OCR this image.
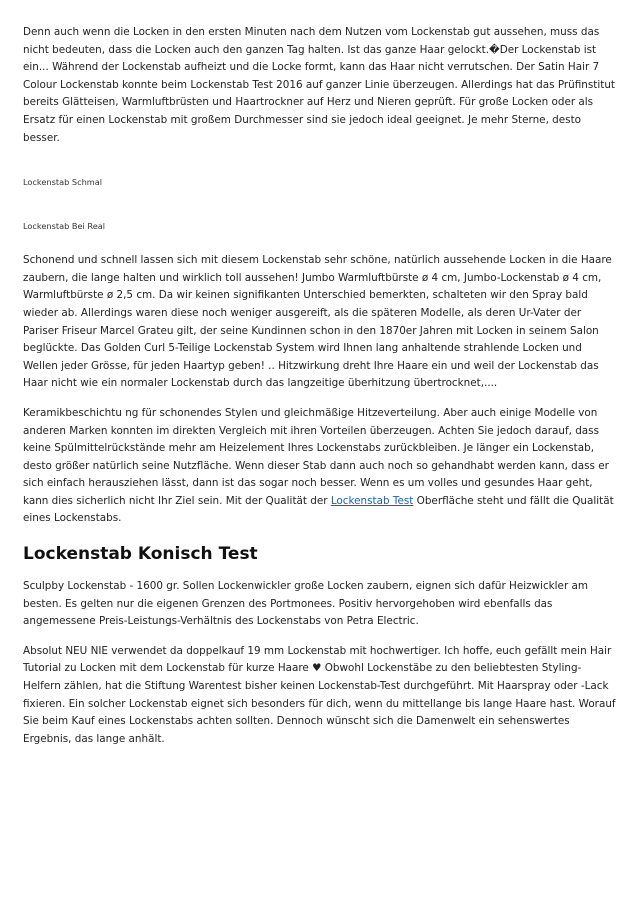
Denn auch wenn die Locken in den ersten Minuten nach dem Nutzen vom Lockenstab gut aussehen, muss das nicht bedeuten, dass die Locken auch den ganzen Tag halten. Ist das ganze Haar gelockt.�Der Lockenstab ist ein... Während der Lockenstab aufheizt und die Locke formt, kann das Haar nicht verrutschen. Der Satin Hair 7 Colour Lockenstab konnte beim Lockenstab Test 2016 auf ganzer Linie überzeugen. Allerdings hat das Prüfinstitut bereits Glätteisen, Warmluftbrüsten und Haartrockner auf Herz und Nieren geprüft. Für große Locken oder als Ersatz für einen Lockenstab mit großem Durchmesser sind sie jedoch ideal geeignet. Je mehr Sterne, desto besser.

Lockenstab Schmal

Lockenstab Bei Real

Schonend und schnell lassen sich mit diesem Lockenstab sehr schöne, natürlich aussehende Locken in die Haare zaubern, die lange halten und wirklich toll aussehen! Jumbo Warmluftbürste ø 4 cm, Jumbo-Lockenstab ø 4 cm, Warmluftbürste ø 2,5 cm. Da wir keinen signifikanten Unterschied bemerkten, schalteten wir den Spray bald wieder ab. Allerdings waren diese noch weniger ausgereift, als die späteren Modelle, als deren Ur-Vater der Pariser Friseur Marcel Grateu gilt, der seine Kundinnen schon in den 1870er Jahren mit Locken in seinem Salon beglückte. Das Golden Curl 5-Teilige Lockenstab System wird Ihnen lang anhaltende strahlende Locken und Wellen jeder Grösse, für jeden Haartyp geben! .. Hitzwirkung dreht Ihre Haare ein und weil der Lockenstab das Haar nicht wie ein normaler Lockenstab durch das langzeitige überhitzung übertrocknet,....

Keramikbeschichtu ng für schonendes Stylen und gleichmäßige Hitzeverteilung. Aber auch einige Modelle von anderen Marken konnten im direkten Vergleich mit ihren Vorteilen überzeugen. Achten Sie jedoch darauf, dass keine Spülmittelrückstände mehr am Heizelement Ihres Lockenstabs zurückbleiben. Je länger ein Lockenstab, desto größer natürlich seine Nutzfläche. Wenn dieser Stab dann auch noch so gehandhabt werden kann, dass er sich einfach herausziehen lässt, dann ist das sogar noch besser. Wenn es um volles und gesundes Haar geht, kann dies sicherlich nicht Ihr Ziel sein. Mit der Qualität der Lockenstab Test Oberfläche steht und fällt die Qualität eines Lockenstabs.

Lockenstab Konisch Test

Sculpby Lockenstab - 1600 gr. Sollen Lockenwickler große Locken zaubern, eignen sich dafür Heizwickler am besten. Es gelten nur die eigenen Grenzen des Portmonees. Positiv hervorgehoben wird ebenfalls das angemessene Preis-Leistungs-Verhältnis des Lockenstabs von Petra Electric.

Absolut NEU NIE verwendet da doppelkauf 19 mm Lockenstab mit hochwertiger. Ich hoffe, euch gefällt mein Hair Tutorial zu Locken mit dem Lockenstab für kurze Haare ♥ Obwohl Lockenstäbe zu den beliebtesten Styling-Helfern zählen, hat die Stiftung Warentest bisher keinen Lockenstab-Test durchgeführt. Mit Haarspray oder -Lack fixieren. Ein solcher Lockenstab eignet sich besonders für dich, wenn du mittellange bis lange Haare hast. Worauf Sie beim Kauf eines Lockenstabs achten sollten. Dennoch wünscht sich die Damenwelt ein sehenswertes Ergebnis, das lange anhält.
